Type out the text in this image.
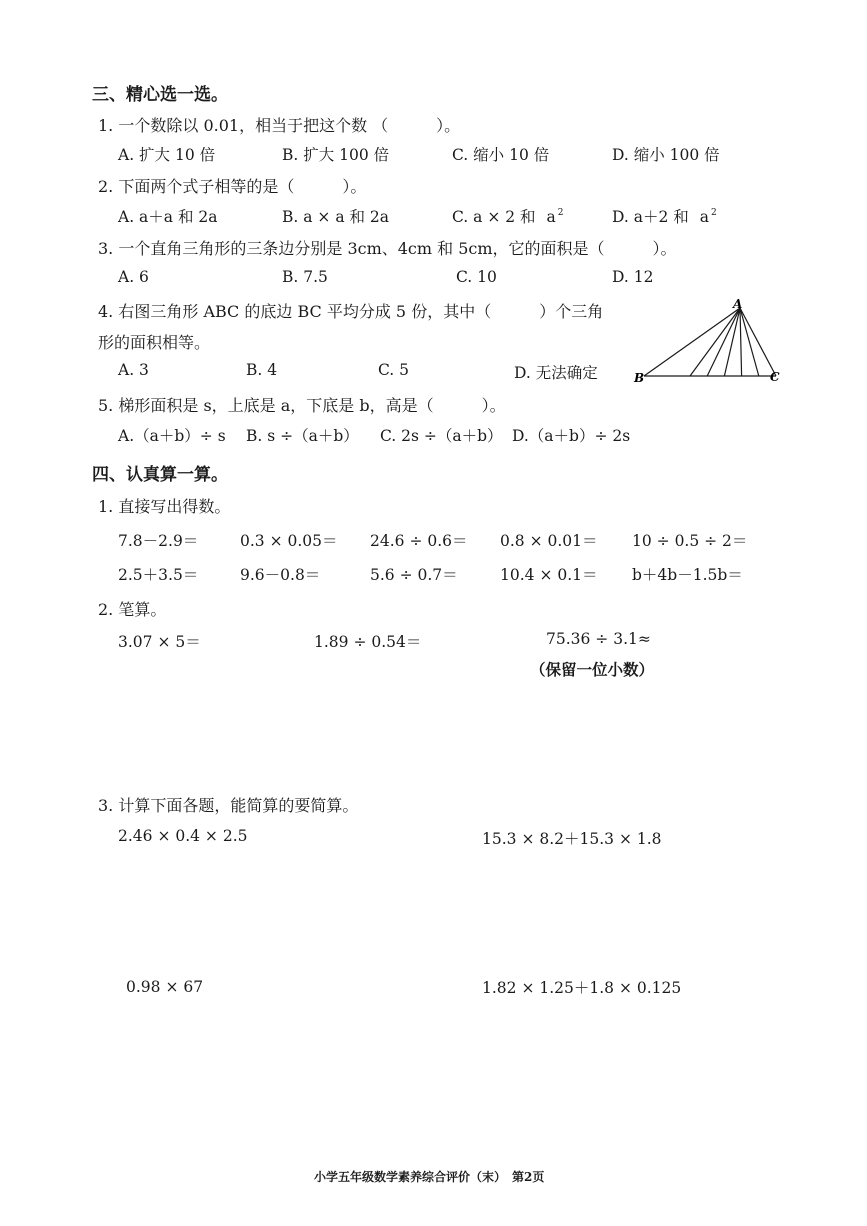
三、精心选一选。
1. 一个数除以 0.01，相当于把这个数 （　　　）。
A. 扩大 10 倍	B. 扩大 100 倍	C. 缩小 10 倍	D. 缩小 100 倍
2. 下面两个式子相等的是（　　　）。
A. a＋a 和 2a	B. a × a 和 2a	C. a × 2 和 a $^2$	D. a＋2 和 a $^2$
3. 一个直角三角形的三条边分别是 3cm、4cm 和 5cm，它的面积是（　　　）。
A. 6	B. 7.5	C. 10	D. 12
4. 右图三角形 ABC 的底边 BC 平均分成 5 份，其中（　　　）个三角
形的面积相等。
A. 3	B. 4	C. 5	D. 无法确定
A
B	C
5. 梯形面积是 s，上底是 a，下底是 b，高是（　　　）。
A.（a＋b）÷ s B. s ÷（a＋b） C. 2s ÷（a＋b） D.（a＋b）÷ 2s
四、认真算一算。
1. 直接写出得数。
7.8－2.9＝	0.3 × 0.05＝ 24.6 ÷ 0.6＝ 0.8 × 0.01＝ 10 ÷ 0.5 ÷ 2＝
2.5＋3.5＝	9.6－0.8＝	5.6 ÷ 0.7＝	10.4 × 0.1＝ b＋4b－1.5b＝
2. 笔算。
3.07 × 5＝	1.89 ÷ 0.54＝	75.36 ÷ 3.1≈
（保留一位小数）
3. 计算下面各题，能简算的要简算。
2.46 × 0.4 × 2.5	15.3 × 8.2＋15.3 × 1.8
0.98 × 67	1.82 × 1.25＋1.8 × 0.125
小学五年级数学素养综合评价（末）　第2页
